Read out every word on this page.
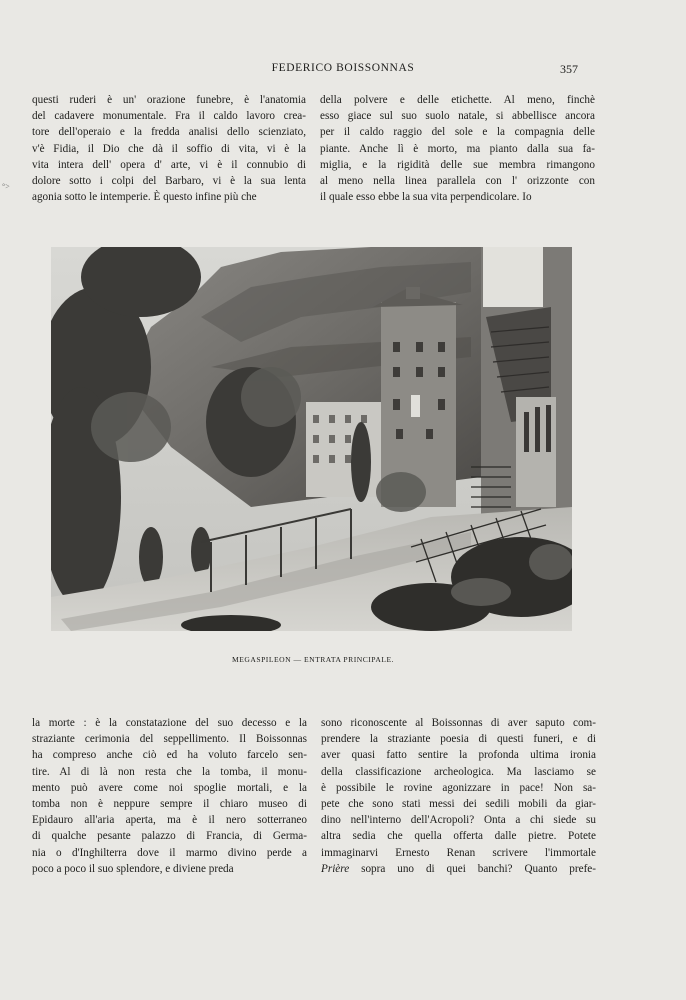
FEDERICO BOISSONNAS	357
°>
questi ruderi è un' orazione funebre, è l'anatomia
del cadavere monumentale. Fra il caldo lavoro crea-
tore dell'operaio e la fredda analisi dello scienziato,
v'è Fidia, il Dio che dà il soffio di vita, vi è la
vita intera dell' opera d' arte, vi è il connubio di
dolore sotto i colpi del Barbaro, vi è la sua lenta
agonia sotto le intemperie. È questo infine più che
della polvere e delle etichette. Al meno, finchè
esso giace sul suo suolo natale, si abbellisce ancora
per il caldo raggio del sole e la compagnia delle
piante. Anche lì è morto, ma pianto dalla sua fa-
miglia, e la rigidità delle sue membra rimangono
al meno nella linea parallela con l' orizzonte con
il quale esso ebbe la sua vita perpendicolare. Io
MEGASPILEON — ENTRATA PRINCIPALE.
la morte : è la constatazione del suo decesso e la
straziante cerimonia del seppellimento. Il Boissonnas
ha compreso anche ciò ed ha voluto farcelo sen-
tire. Al di là non resta che la tomba, il monu-
mento può avere come noi spoglie mortali, e la
tomba non è neppure sempre il chiaro museo di
Epidauro all'aria aperta, ma è il nero sotterraneo
di qualche pesante palazzo di Francia, di Germa-
nia o d'Inghilterra dove il marmo divino perde a
poco a poco il suo splendore, e diviene preda
sono riconoscente al Boissonnas di aver saputo com-
prendere la straziante poesia di questi funeri, e di
aver quasi fatto sentire la profonda ultima ironia
della classificazione archeologica. Ma lasciamo se
è possibile le rovine agonizzare in pace! Non sa-
pete che sono stati messi dei sedili mobili da giar-
dino nell'interno dell'Acropoli? Onta a chi siede su
altra sedia che quella offerta dalle pietre. Potete
immaginarvi Ernesto Renan scrivere l'immortale
Prière sopra uno di quei banchi? Quanto prefe-
